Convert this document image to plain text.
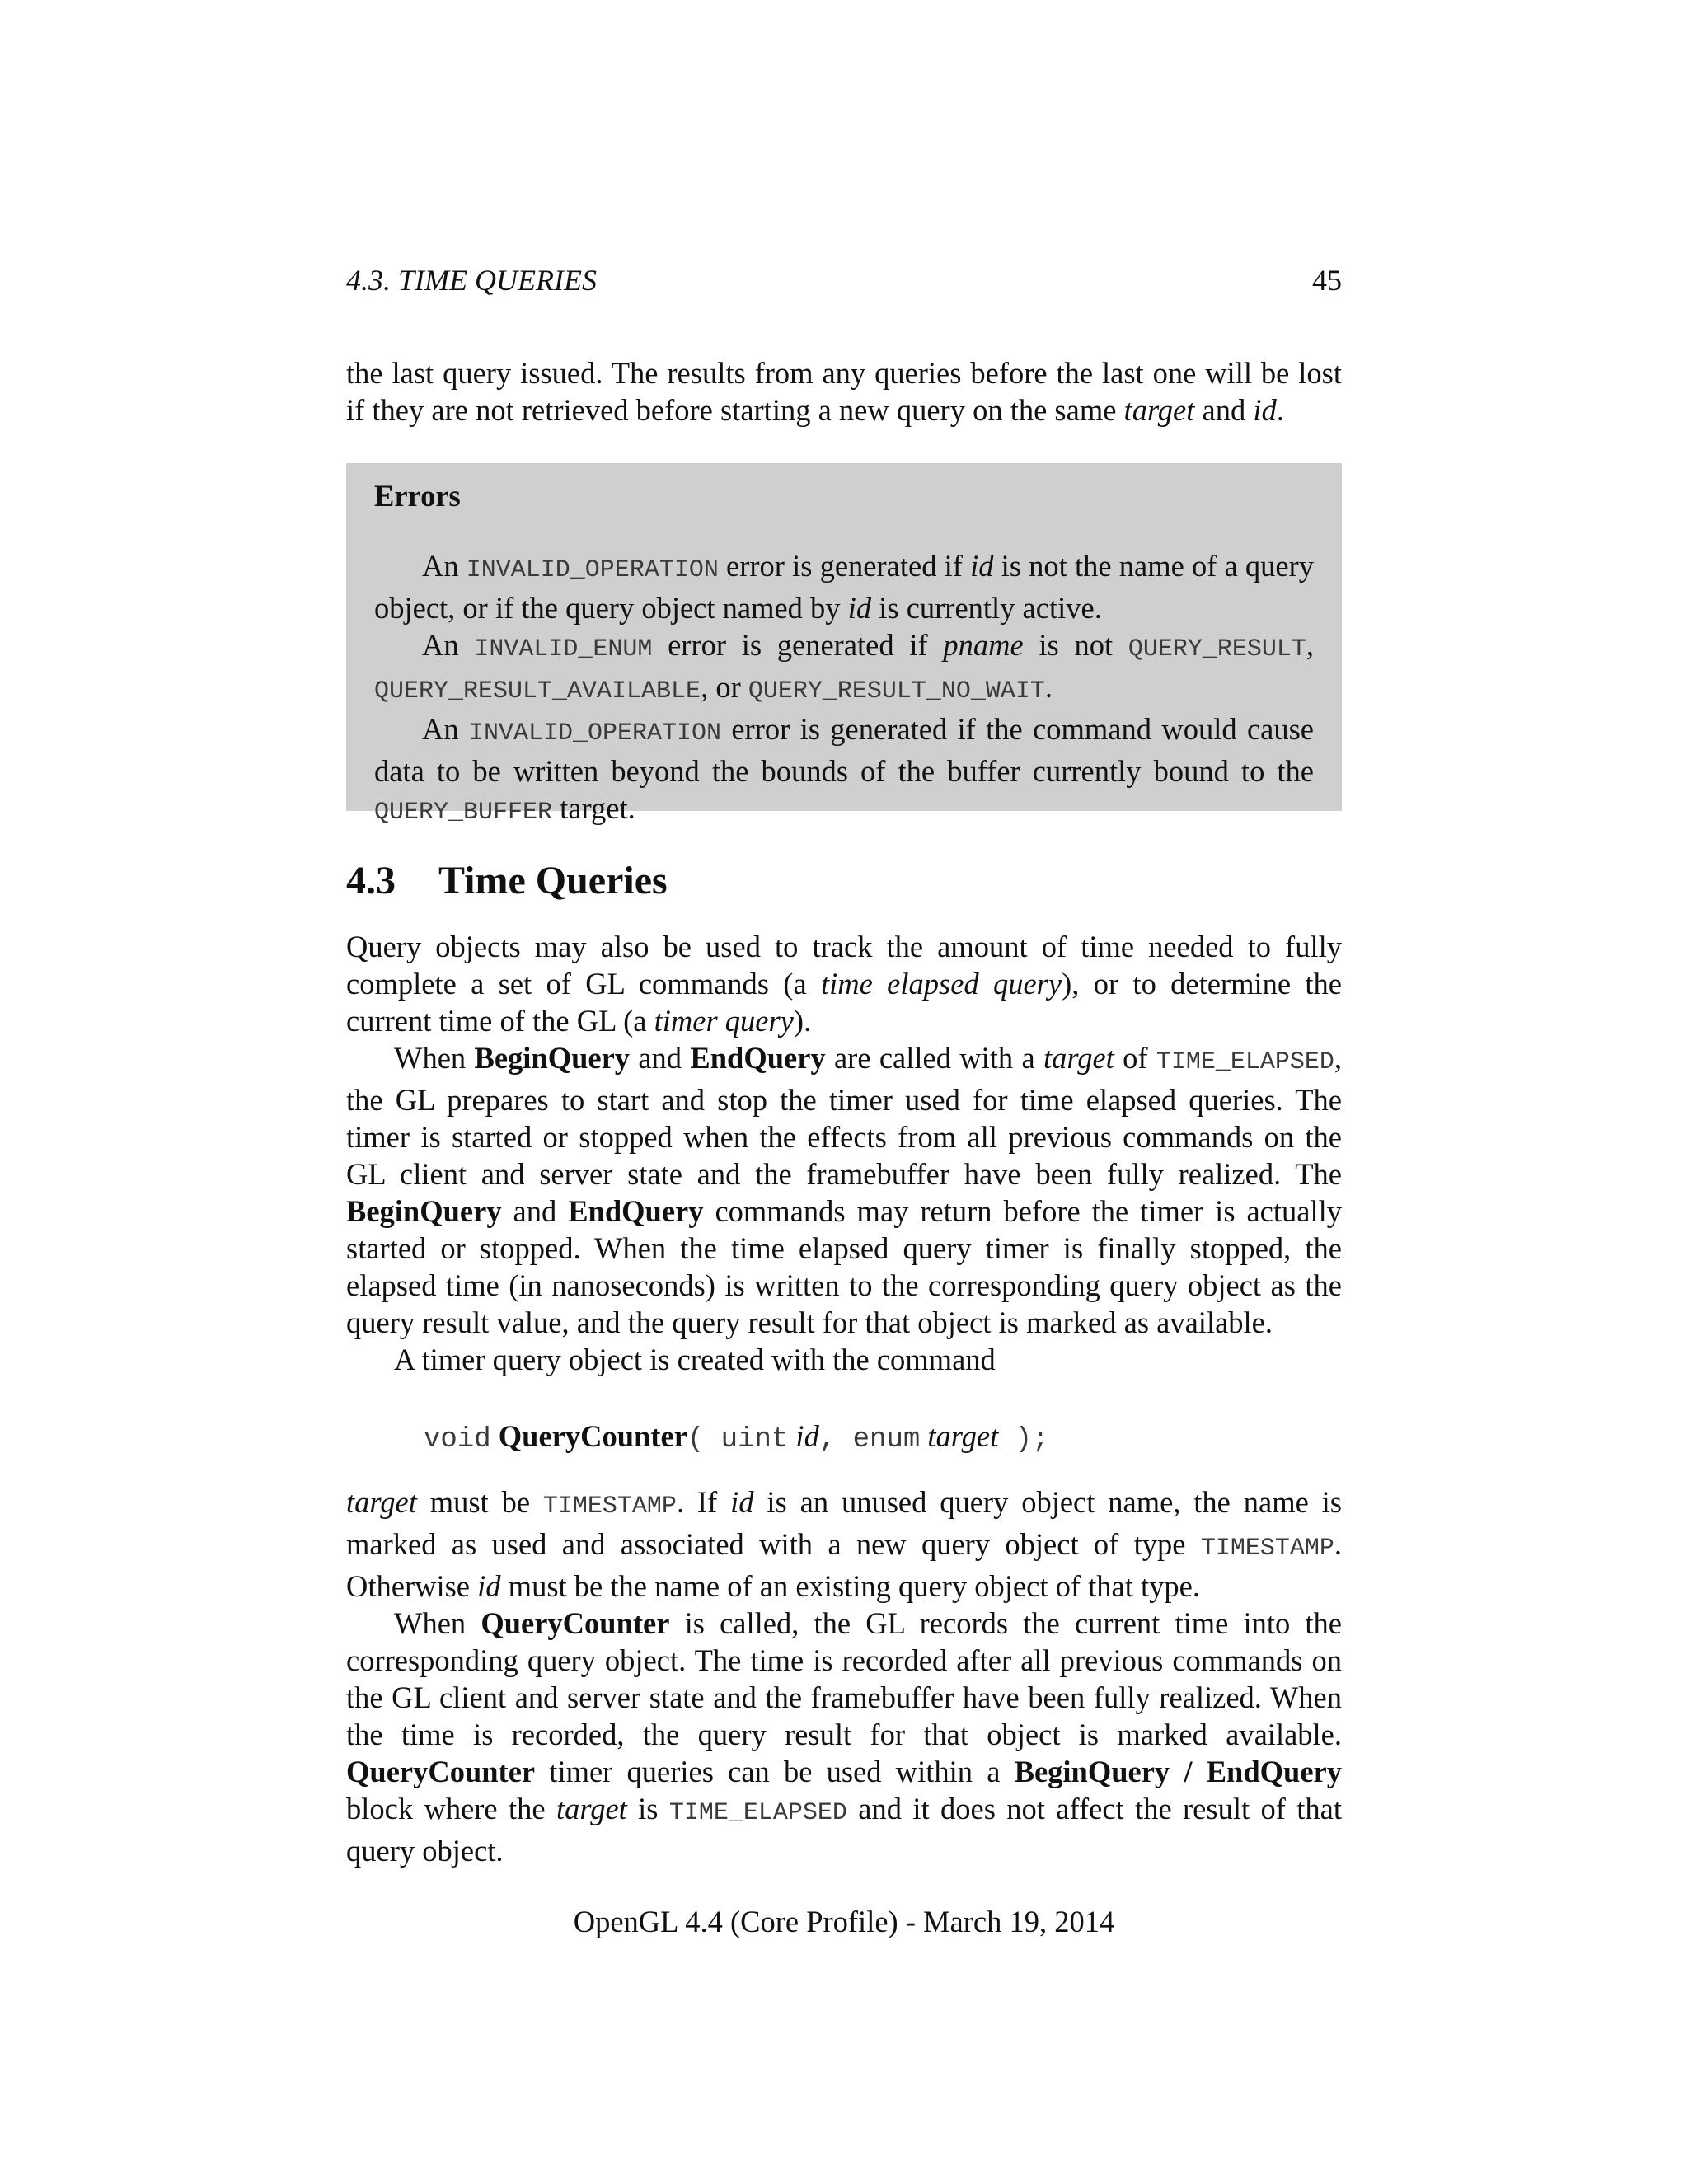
4.3. TIME QUERIES	45

the last query issued. The results from any queries before the last one will be lost if they are not retrieved before starting a new query on the same target and id.

Errors

An INVALID_OPERATION error is generated if id is not the name of a query object, or if the query object named by id is currently active.

An INVALID_ENUM error is generated if pname is not QUERY_RESULT, QUERY_RESULT_AVAILABLE, or QUERY_RESULT_NO_WAIT.

An INVALID_OPERATION error is generated if the command would cause data to be written beyond the bounds of the buffer currently bound to the QUERY_BUFFER target.

4.3 Time Queries

Query objects may also be used to track the amount of time needed to fully complete a set of GL commands (a time elapsed query), or to determine the current time of the GL (a timer query).

When BeginQuery and EndQuery are called with a target of TIME_ELAPSED, the GL prepares to start and stop the timer used for time elapsed queries. The timer is started or stopped when the effects from all previous commands on the GL client and server state and the framebuffer have been fully realized. The BeginQuery and EndQuery commands may return before the timer is actually started or stopped. When the time elapsed query timer is finally stopped, the elapsed time (in nanoseconds) is written to the corresponding query object as the query result value, and the query result for that object is marked as available.

A timer query object is created with the command

void QueryCounter( uint id, enum target );

target must be TIMESTAMP. If id is an unused query object name, the name is marked as used and associated with a new query object of type TIMESTAMP. Otherwise id must be the name of an existing query object of that type.

When QueryCounter is called, the GL records the current time into the corresponding query object. The time is recorded after all previous commands on the GL client and server state and the framebuffer have been fully realized. When the time is recorded, the query result for that object is marked available. QueryCounter timer queries can be used within a BeginQuery / EndQuery block where the target is TIME_ELAPSED and it does not affect the result of that query object.

OpenGL 4.4 (Core Profile) - March 19, 2014
